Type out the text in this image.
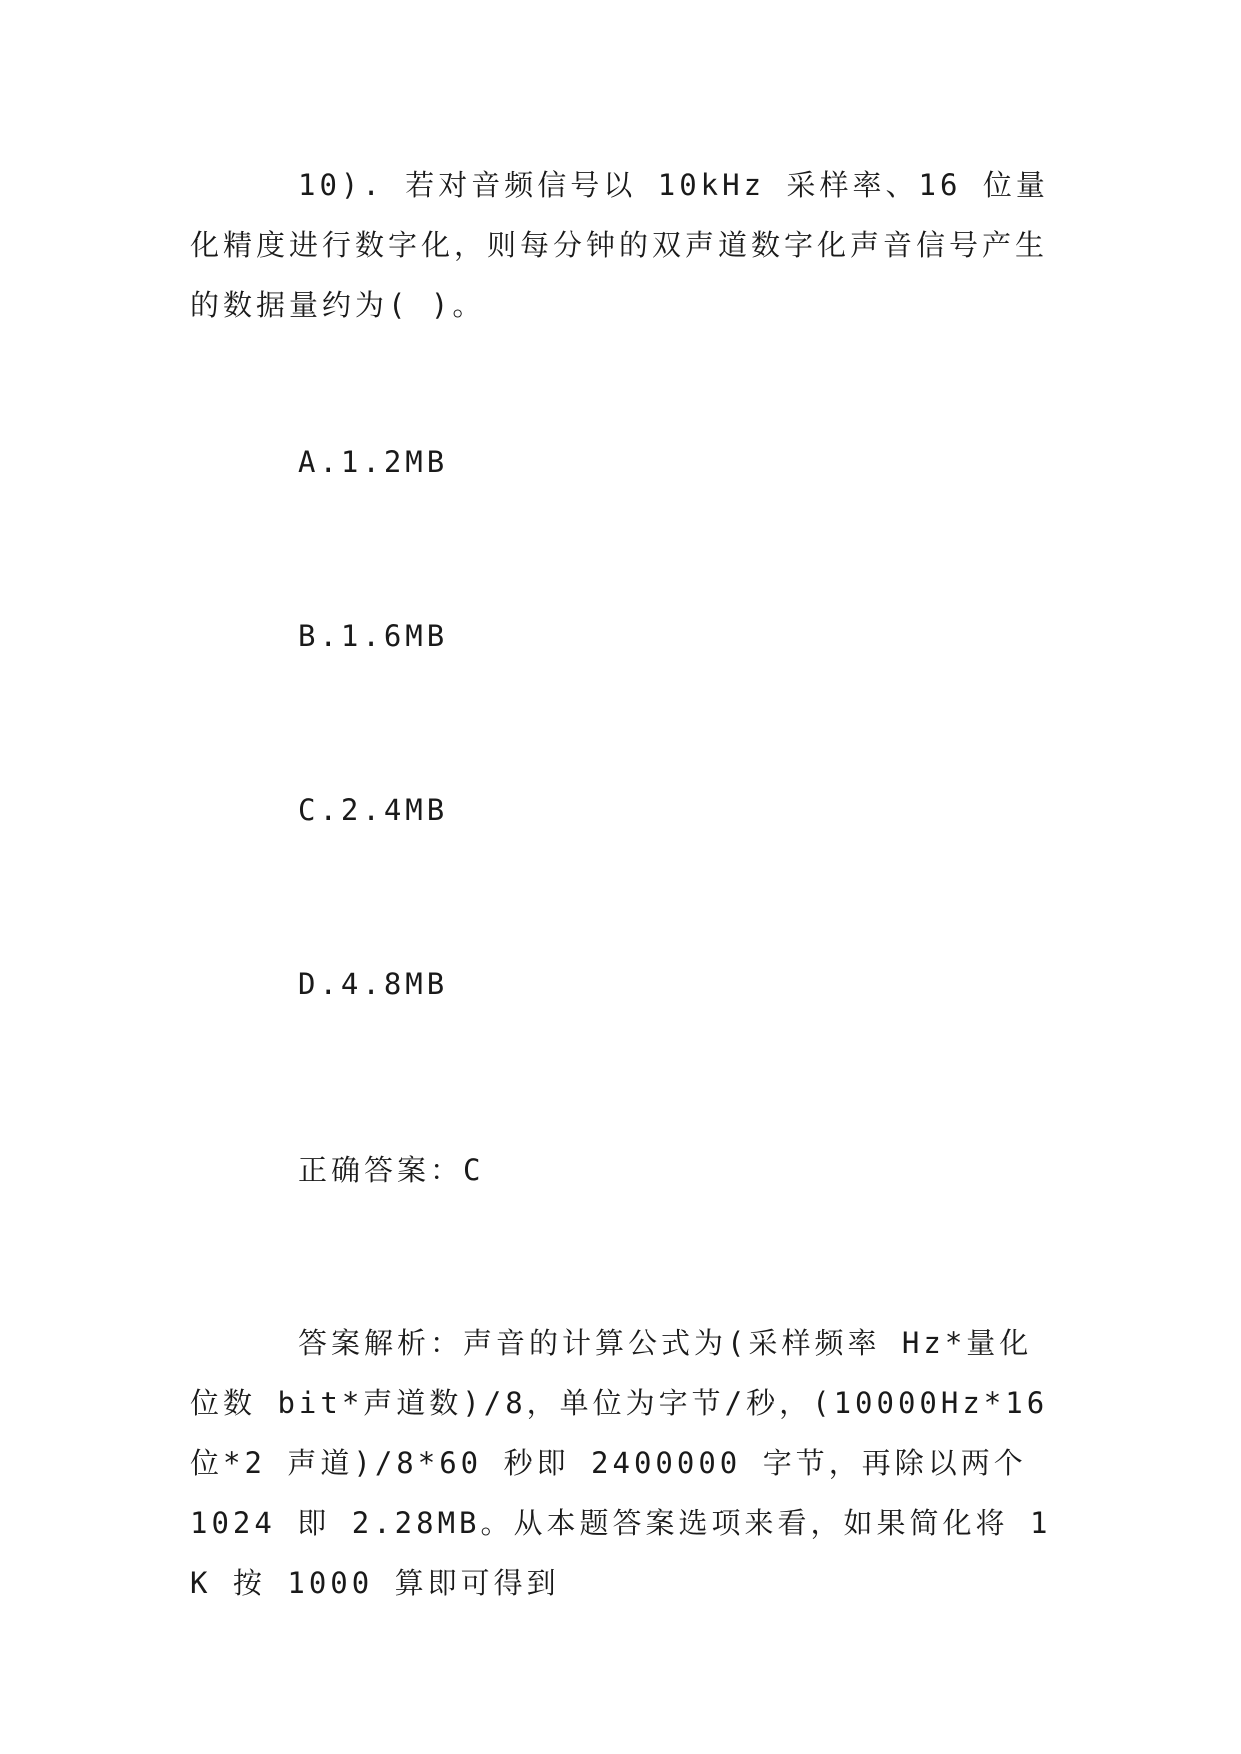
10). 若对音频信号以 10kHz 采样率、16 位量化精度进行数字化，则每分钟的双声道数字化声音信号产生的数据量约为( )。

A.1.2MB

B.1.6MB

C.2.4MB

D.4.8MB

正确答案：C

答案解析：声音的计算公式为(采样频率 Hz*量化位数 bit*声道数)/8，单位为字节/秒，(10000Hz*16 位*2 声道)/8*60 秒即 2400000 字节，再除以两个 1024 即 2.28MB。从本题答案选项来看，如果简化将 1K 按 1000 算即可得到
